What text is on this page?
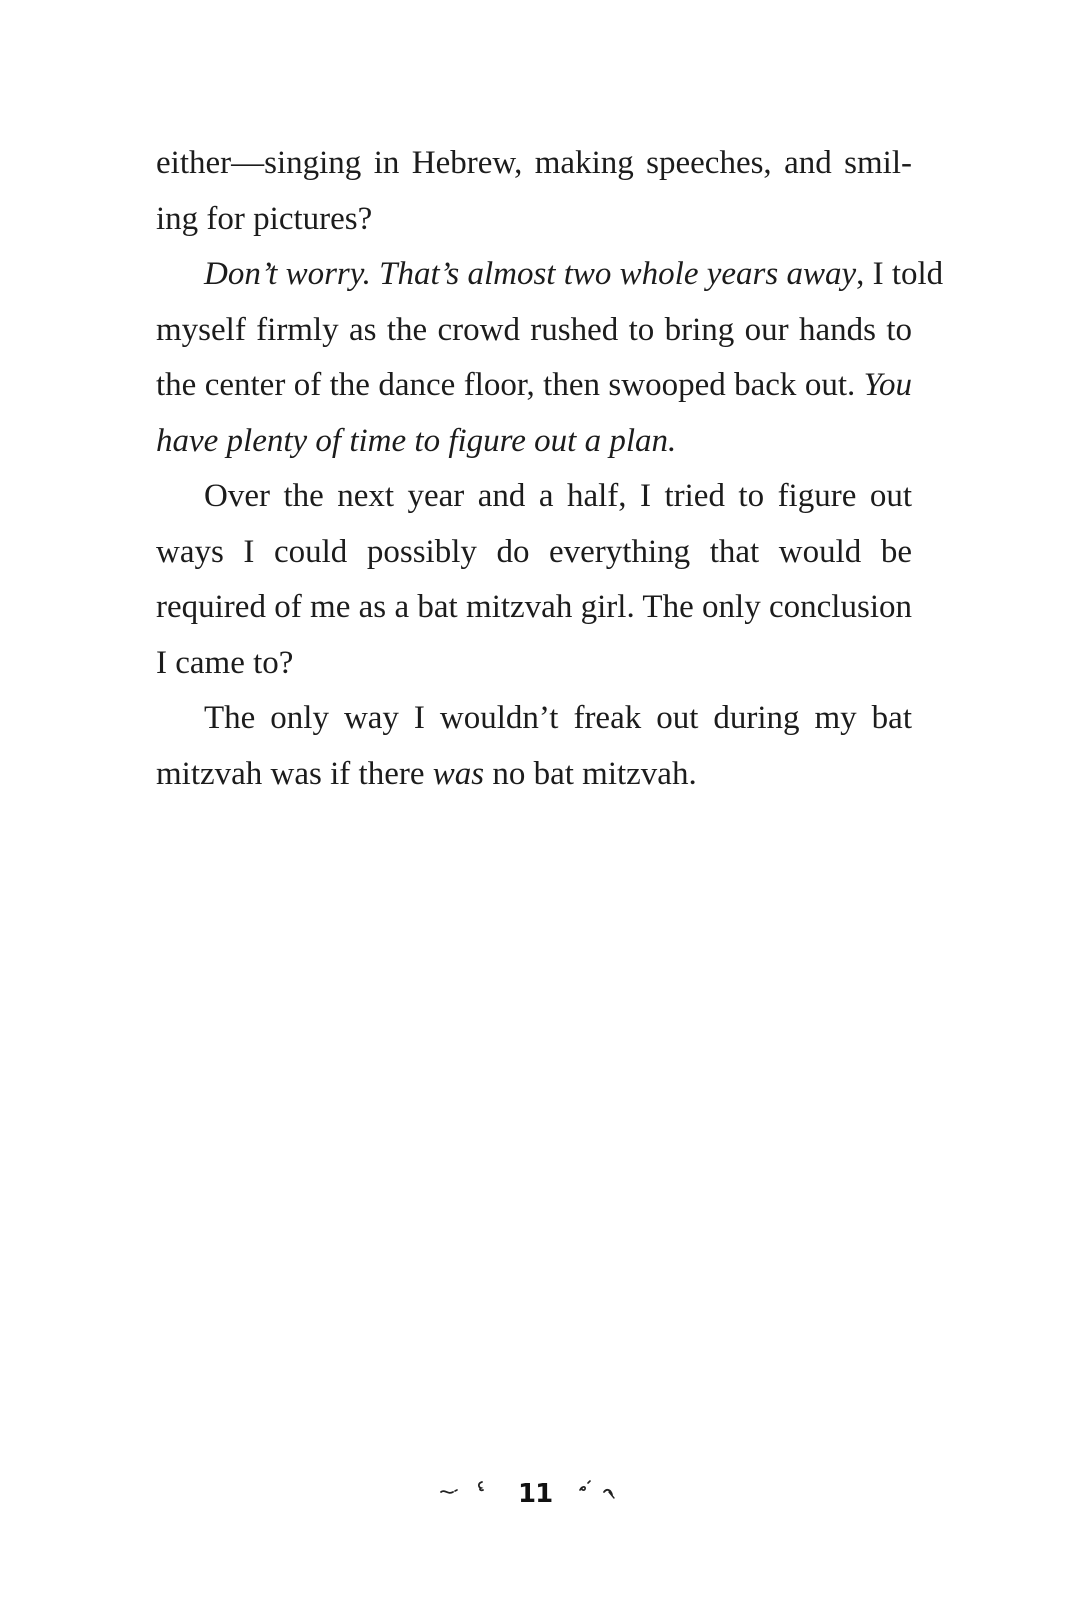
either—singing in Hebrew, making speeches, and smil-
ing for pictures?
Don’t worry. That’s almost two whole years away, I told
myself firmly as the crowd rushed to bring our hands to
the center of the dance floor, then swooped back out. You
have plenty of time to figure out a plan.
Over the next year and a half, I tried to figure out
ways I could possibly do everything that would be
required of me as a bat mitzvah girl. The only conclusion
I came to?
The only way I wouldn’t freak out during my bat
mitzvah was if there was no bat mitzvah.
11
